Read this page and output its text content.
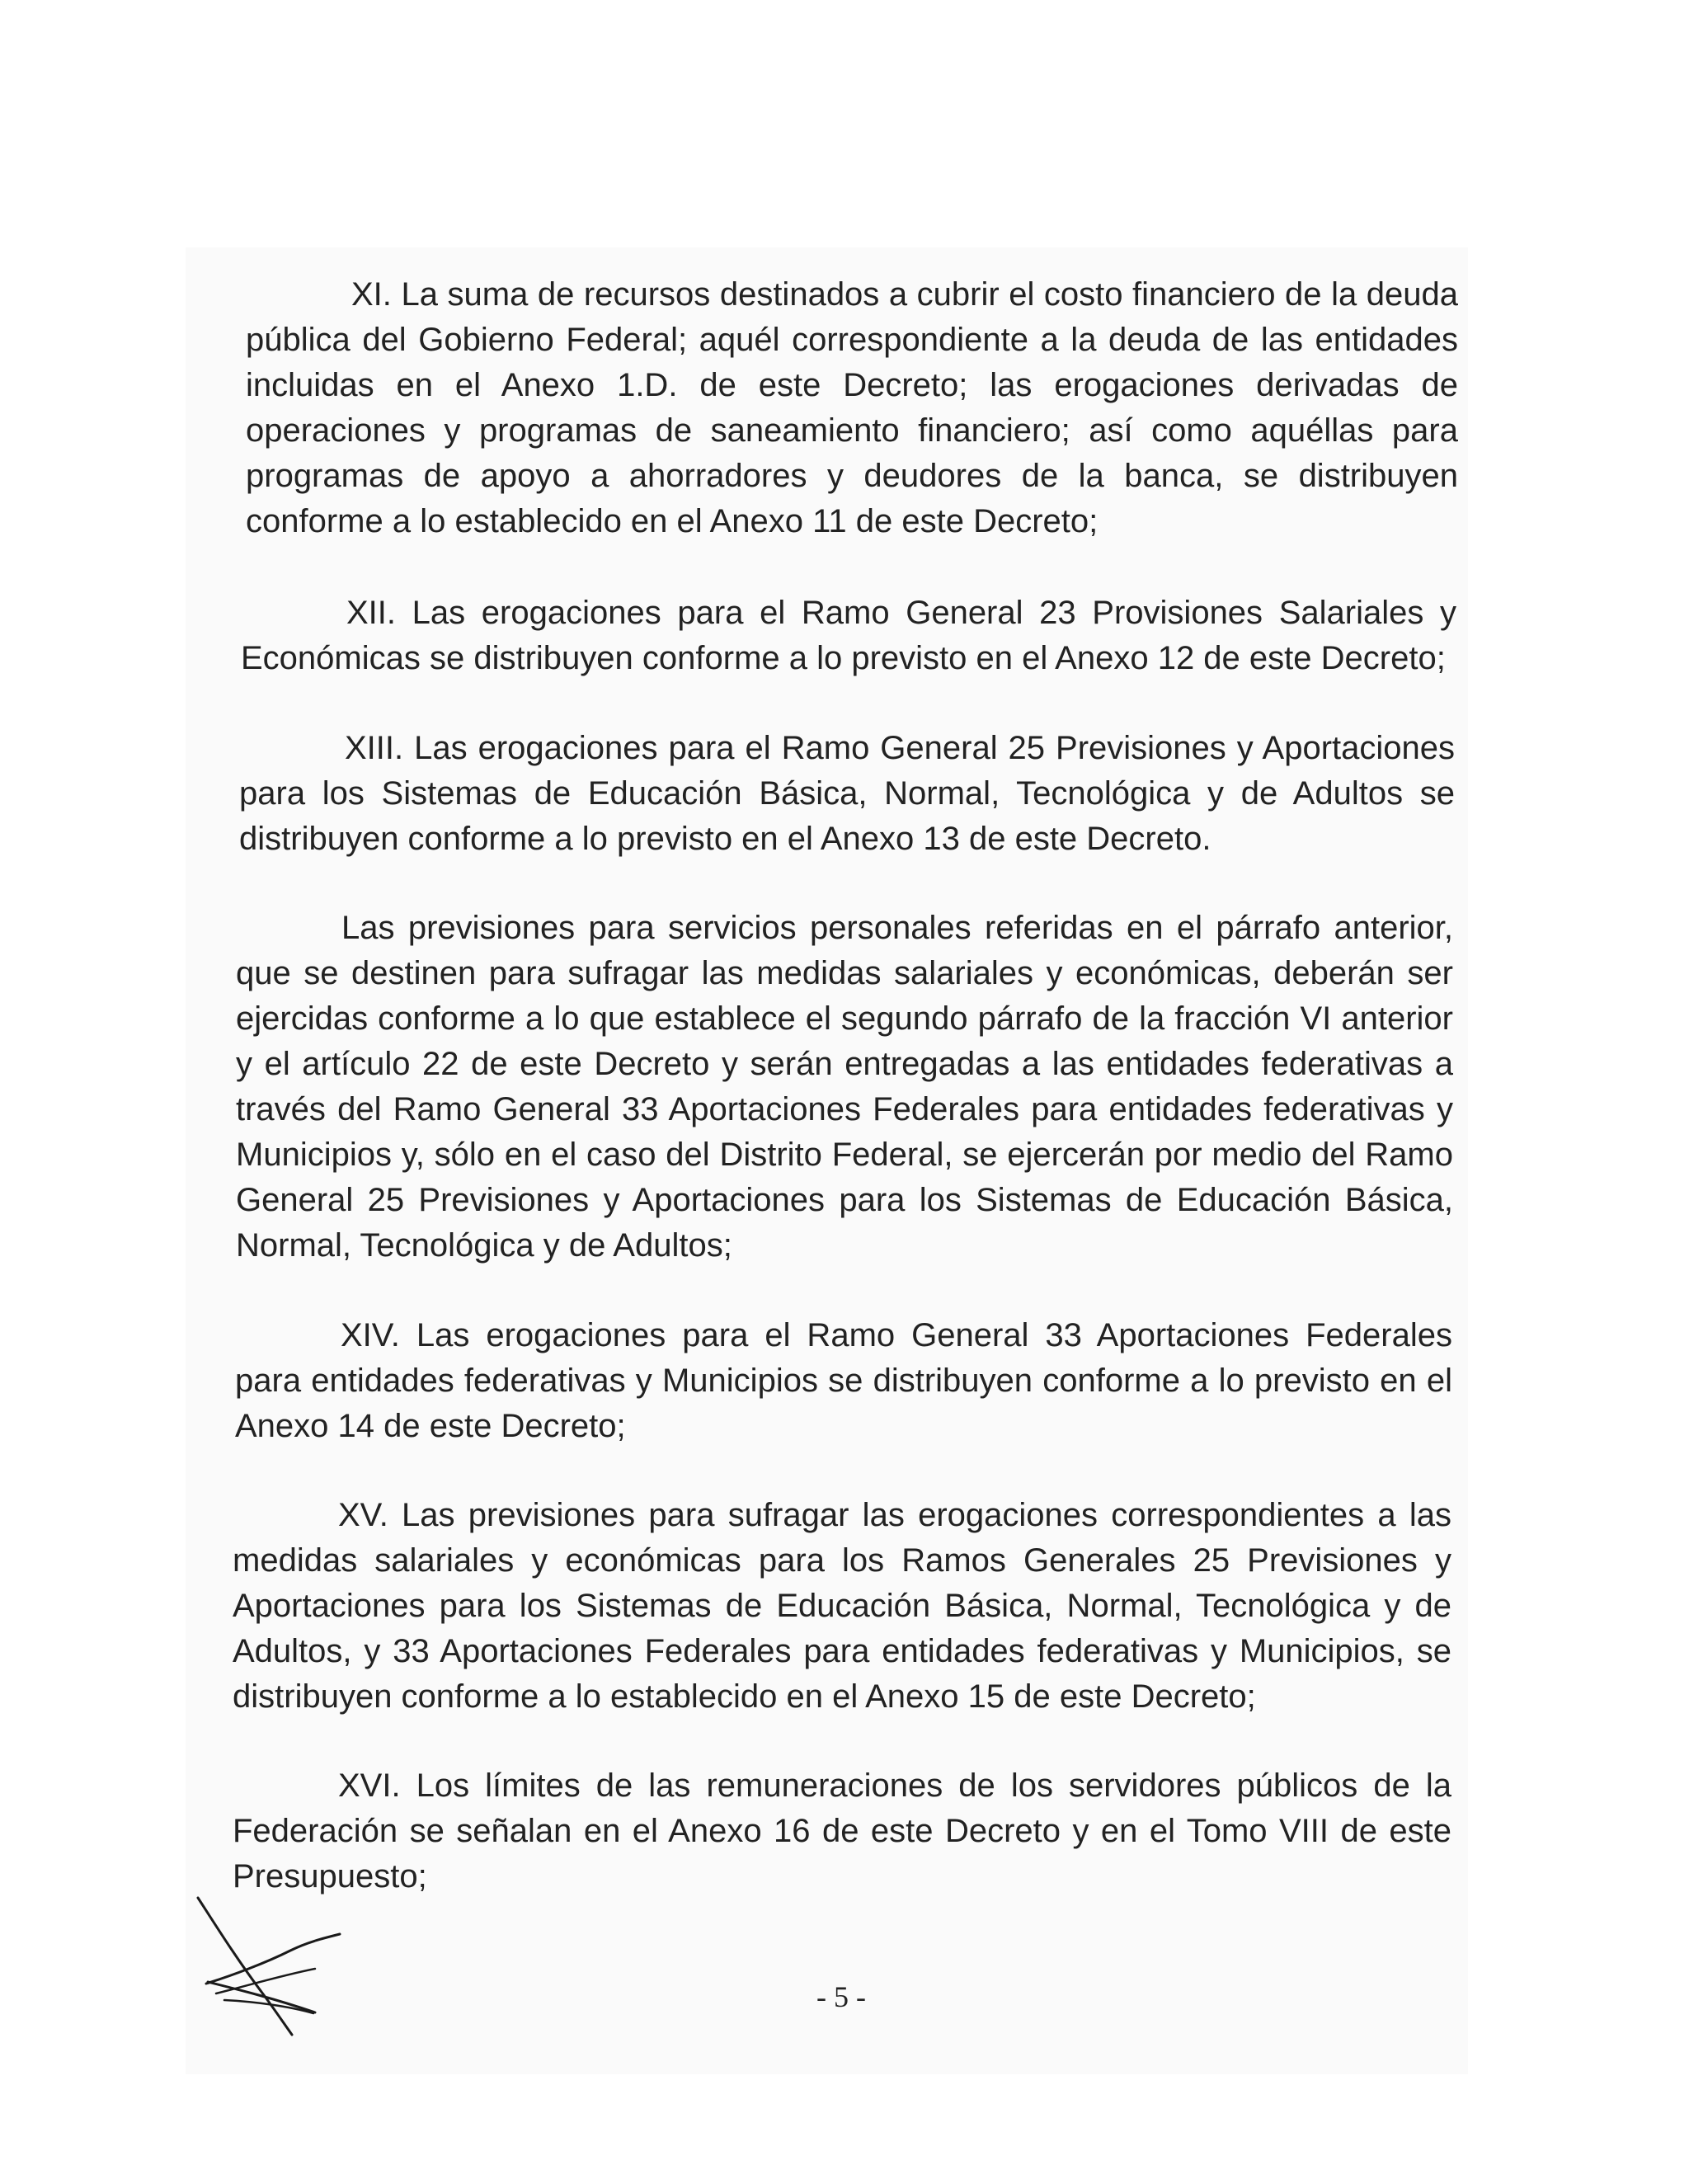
XI. La suma de recursos destinados a cubrir el costo financiero de la deuda pública del Gobierno Federal; aquél correspondiente a la deuda de las entidades incluidas en el Anexo 1.D. de este Decreto; las erogaciones derivadas de operaciones y programas de saneamiento financiero; así como aquéllas para programas de apoyo a ahorradores y deudores de la banca, se distribuyen conforme a lo establecido en el Anexo 11 de este Decreto;

XII. Las erogaciones para el Ramo General 23 Provisiones Salariales y Económicas se distribuyen conforme a lo previsto en el Anexo 12 de este Decreto;

XIII. Las erogaciones para el Ramo General 25 Previsiones y Aportaciones para los Sistemas de Educación Básica, Normal, Tecnológica y de Adultos se distribuyen conforme a lo previsto en el Anexo 13 de este Decreto.

Las previsiones para servicios personales referidas en el párrafo anterior, que se destinen para sufragar las medidas salariales y económicas, deberán ser ejercidas conforme a lo que establece el segundo párrafo de la fracción VI anterior y el artículo 22 de este Decreto y serán entregadas a las entidades federativas a través del Ramo General 33 Aportaciones Federales para entidades federativas y Municipios y, sólo en el caso del Distrito Federal, se ejercerán por medio del Ramo General 25 Previsiones y Aportaciones para los Sistemas de Educación Básica, Normal, Tecnológica y de Adultos;

XIV. Las erogaciones para el Ramo General 33 Aportaciones Federales para entidades federativas y Municipios se distribuyen conforme a lo previsto en el Anexo 14 de este Decreto;

XV. Las previsiones para sufragar las erogaciones correspondientes a las medidas salariales y económicas para los Ramos Generales 25 Previsiones y Aportaciones para los Sistemas de Educación Básica, Normal, Tecnológica y de Adultos, y 33 Aportaciones Federales para entidades federativas y Municipios, se distribuyen conforme a lo establecido en el Anexo 15 de este Decreto;

XVI. Los límites de las remuneraciones de los servidores públicos de la Federación se señalan en el Anexo 16 de este Decreto y en el Tomo VIII de este Presupuesto;

- 5 -
